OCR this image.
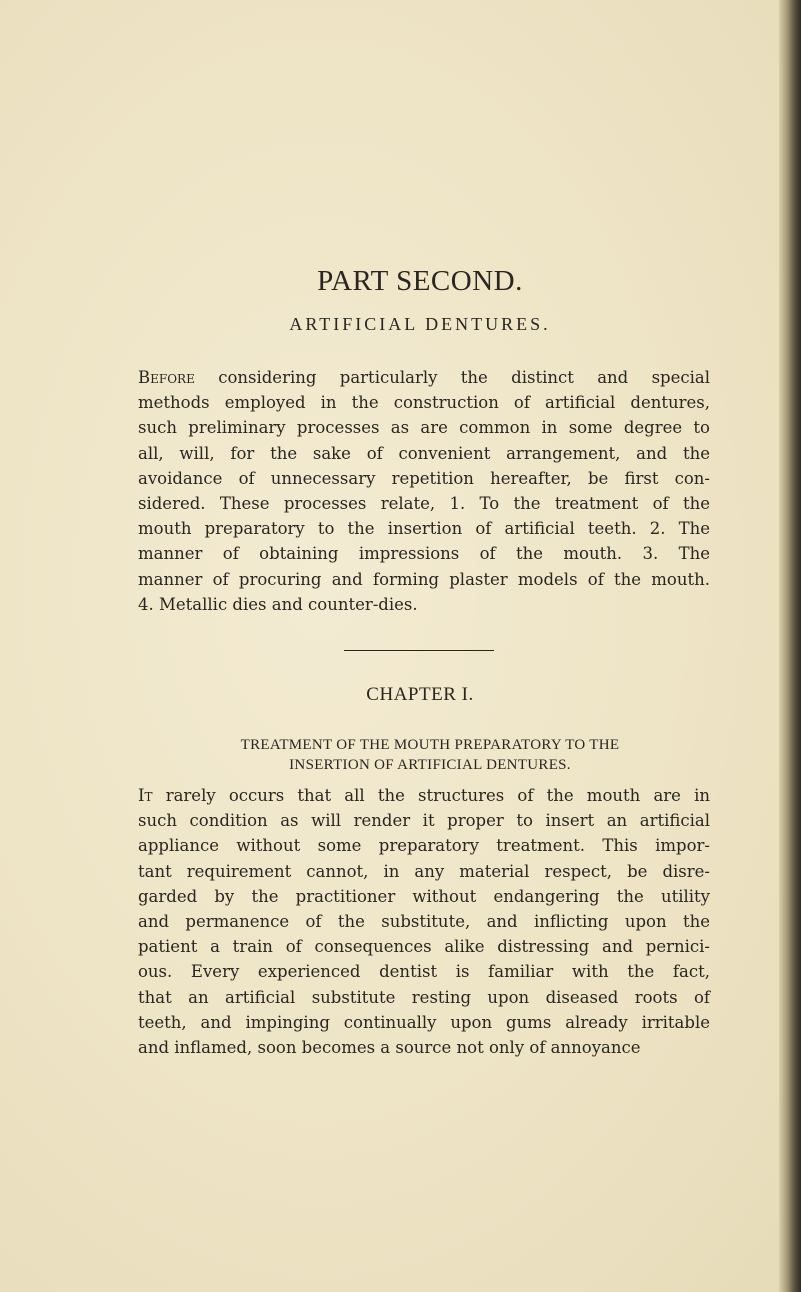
PART SECOND.
ARTIFICIAL DENTURES.
Before considering particularly the distinct and special
methods employed in the construction of artificial dentures,
such preliminary processes as are common in some degree to
all, will, for the sake of convenient arrangement, and the
avoidance of unnecessary repetition hereafter, be first con-
sidered. These processes relate, 1. To the treatment of the
mouth preparatory to the insertion of artificial teeth. 2. The
manner of obtaining impressions of the mouth. 3. The
manner of procuring and forming plaster models of the mouth.
4. Metallic dies and counter-dies.
CHAPTER I.
TREATMENT OF THE MOUTH PREPARATORY TO THE
INSERTION OF ARTIFICIAL DENTURES.
It rarely occurs that all the structures of the mouth are in
such condition as will render it proper to insert an artificial
appliance without some preparatory treatment. This impor-
tant requirement cannot, in any material respect, be disre-
garded by the practitioner without endangering the utility
and permanence of the substitute, and inflicting upon the
patient a train of consequences alike distressing and pernici-
ous. Every experienced dentist is familiar with the fact,
that an artificial substitute resting upon diseased roots of
teeth, and impinging continually upon gums already irritable
and inflamed, soon becomes a source not only of annoyance
